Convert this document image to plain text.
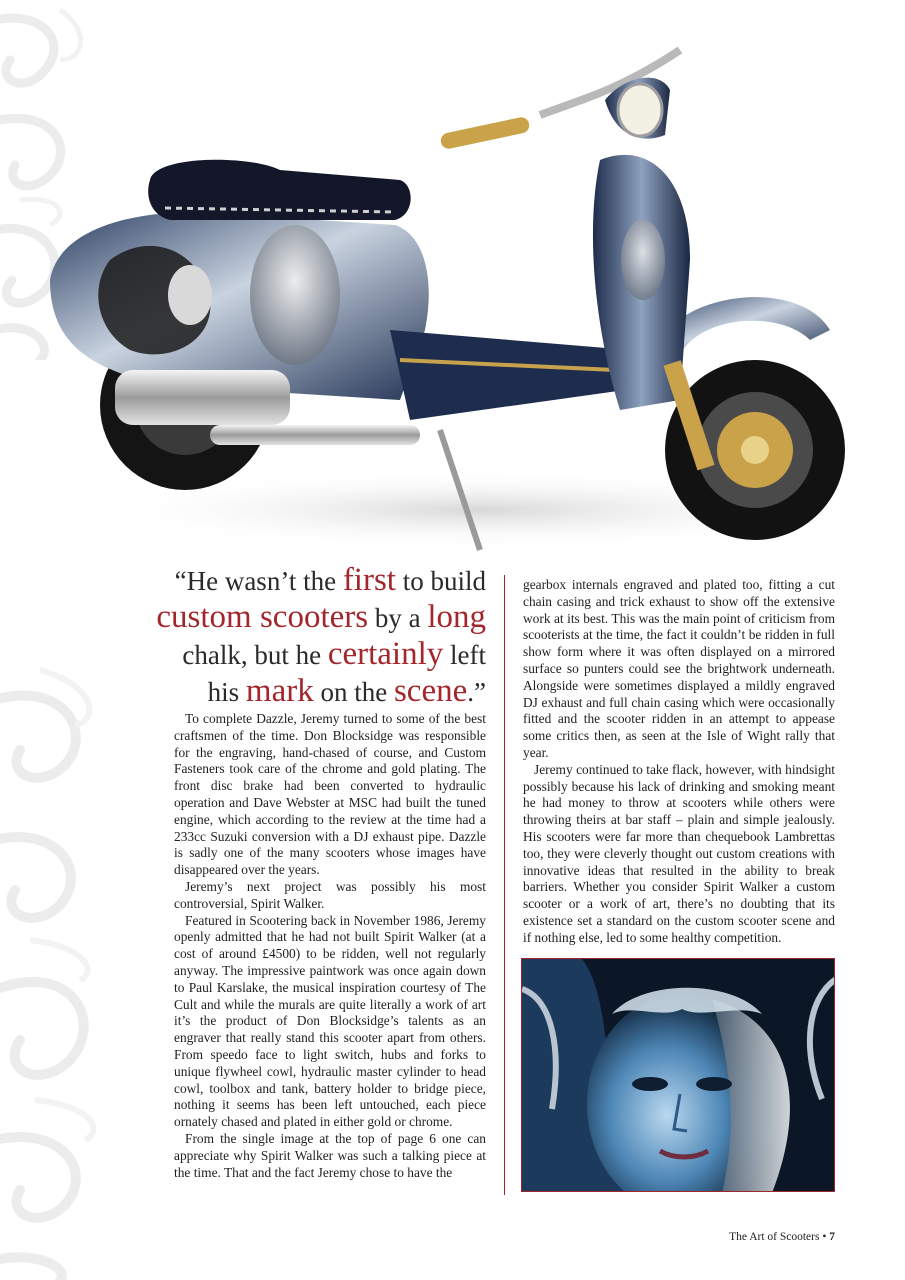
“He wasn’t the first to build custom scooters by a long chalk, but he certainly left his mark on the scene.”

To complete Dazzle, Jeremy turned to some of the best craftsmen of the time. Don Blocksidge was responsible for the engraving, hand-chased of course, and Custom Fasteners took care of the chrome and gold plating. The front disc brake had been converted to hydraulic operation and Dave Webster at MSC had built the tuned engine, which according to the review at the time had a 233cc Suzuki conversion with a DJ exhaust pipe. Dazzle is sadly one of the many scooters whose images have disappeared over the years.

Jeremy’s next project was possibly his most controversial, Spirit Walker.

Featured in Scootering back in November 1986, Jeremy openly admitted that he had not built Spirit Walker (at a cost of around £4500) to be ridden, well not regularly anyway. The impressive paintwork was once again down to Paul Karslake, the musical inspiration courtesy of The Cult and while the murals are quite literally a work of art it’s the product of Don Blocksidge’s talents as an engraver that really stand this scooter apart from others. From speedo face to light switch, hubs and forks to unique flywheel cowl, hydraulic master cylinder to head cowl, toolbox and tank, battery holder to bridge piece, nothing it seems has been left untouched, each piece ornately chased and plated in either gold or chrome.

From the single image at the top of page 6 one can appreciate why Spirit Walker was such a talking piece at the time. That and the fact Jeremy chose to have the

gearbox internals engraved and plated too, fitting a cut chain casing and trick exhaust to show off the extensive work at its best. This was the main point of criticism from scooterists at the time, the fact it couldn’t be ridden in full show form where it was often displayed on a mirrored surface so punters could see the brightwork underneath. Alongside were sometimes displayed a mildly engraved DJ exhaust and full chain casing which were occasionally fitted and the scooter ridden in an attempt to appease some critics then, as seen at the Isle of Wight rally that year.

Jeremy continued to take flack, however, with hindsight possibly because his lack of drinking and smoking meant he had money to throw at scooters while others were throwing theirs at bar staff – plain and simple jealously. His scooters were far more than chequebook Lambrettas too, they were cleverly thought out custom creations with innovative ideas that resulted in the ability to break barriers. Whether you consider Spirit Walker a custom scooter or a work of art, there’s no doubting that its existence set a standard on the custom scooter scene and if nothing else, led to some healthy competition.

The Art of Scooters • 7
